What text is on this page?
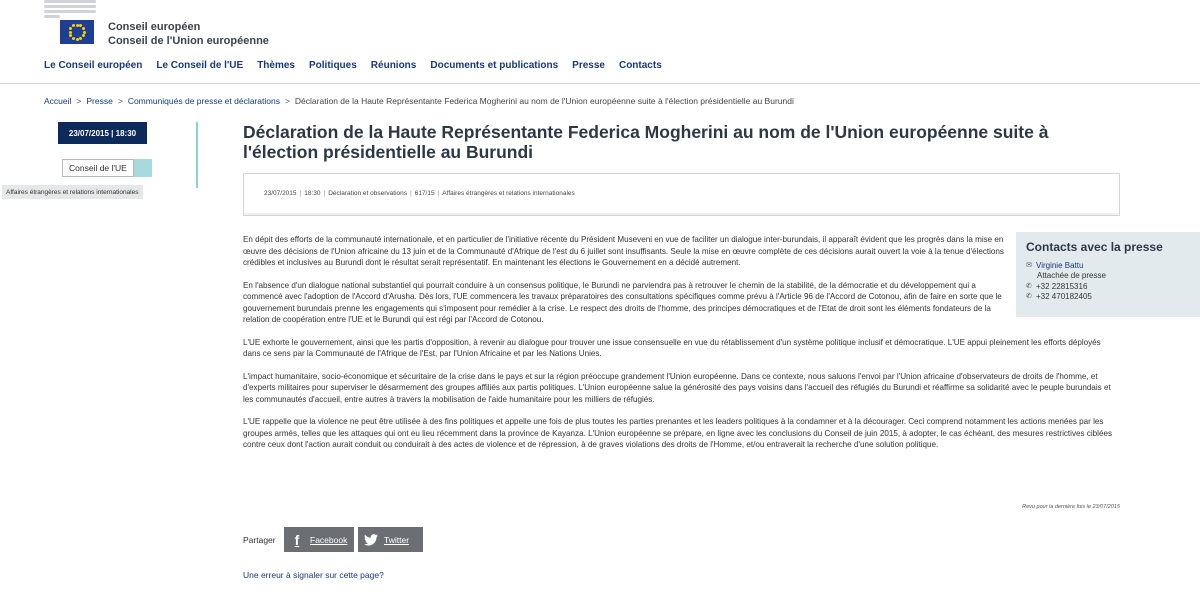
Conseil européen
Conseil de l'Union européenne
Le Conseil européen Le Conseil de l'UE Thèmes Politiques Réunions Documents et publications Presse Contacts
Accueil > Presse > Communiqués de presse et déclarations > Déclaration de la Haute Représentante Federica Mogherini au nom de l'Union européenne suite à l'élection présidentielle au Burundi
23/07/2015 | 18:30
Conseil de l'UE
Affaires étrangères et relations internationales
Déclaration de la Haute Représentante Federica Mogherini au nom de l'Union européenne suite à l'élection présidentielle au Burundi
23/07/2015 | 18:30 | Déclaration et observations | 617/15 | Affaires étrangères et relations internationales

En dépit des efforts de la communauté internationale, et en particulier de l'initiative récente du Président Museveni en vue de faciliter un dialogue inter-burundais, il apparaît évident que les progrès dans la mise en œuvre des décisions de l'Union africaine du 13 juin et de la Communauté d'Afrique de l'est du 6 juillet sont insuffisants. Seule la mise en œuvre complète de ces décisions aurait ouvert la voie à la tenue d'élections crédibles et inclusives au Burundi dont le résultat serait représentatif. En maintenant les élections le Gouvernement en a décidé autrement.

En l'absence d'un dialogue national substantiel qui pourrait conduire à un consensus politique, le Burundi ne parviendra pas à retrouver le chemin de la stabilité, de la démocratie et du développement qui a commencé avec l'adoption de l'Accord d'Arusha. Dès lors, l'UE commencera les travaux préparatoires des consultations spécifiques comme prévu à l'Article 96 de l'Accord de Cotonou, afin de faire en sorte que le gouvernement burundais prenne les engagements qui s'imposent pour remédier à la crise. Le respect des droits de l'homme, des principes démocratiques et de l'Etat de droit sont les éléments fondateurs de la relation de coopération entre l'UE et le Burundi qui est régi par l'Accord de Cotonou.

L'UE exhorte le gouvernement, ainsi que les partis d'opposition, à revenir au dialogue pour trouver une issue consensuelle en vue du rétablissement d'un système politique inclusif et démocratique. L'UE appui pleinement les efforts déployés dans ce sens par la Communauté de l'Afrique de l'Est, par l'Union Africaine et par les Nations Unies.

L'impact humanitaire, socio-économique et sécuritaire de la crise dans le pays et sur la région préoccupe grandement l'Union européenne. Dans ce contexte, nous saluons l'envoi par l'Union africaine d'observateurs de droits de l'homme, et d'experts militaires pour superviser le désarmement des groupes affiliés aux partis politiques. L'Union européenne salue la générosité des pays voisins dans l'accueil des réfugiés du Burundi et réaffirme sa solidarité avec le peuple burundais et les communautés d'accueil, entre autres à travers la mobilisation de l'aide humanitaire pour les milliers de réfugiés.

L'UE rappelle que la violence ne peut être utilisée à des fins politiques et appelle une fois de plus toutes les parties prenantes et les leaders politiques à la condamner et à la décourager. Ceci comprend notamment les actions menées par les groupes armés, telles que les attaques qui ont eu lieu récemment dans la province de Kayanza. L'Union européenne se prépare, en ligne avec les conclusions du Conseil de juin 2015, à adopter, le cas échéant, des mesures restrictives ciblées contre ceux dont l'action aurait conduit ou conduirait à des actes de violence et de répression, à de graves violations des droits de l'Homme, et/ou entraverait la recherche d'une solution politique.

Revu pour la dernière fois le 23/07/2015
Partager	f	Facebook	Twitter
Une erreur à signaler sur cette page?
Contacts avec la presse
✉ Virginie Battu
Attachée de presse
✆ +32 22815316
✆ +32 470182405
